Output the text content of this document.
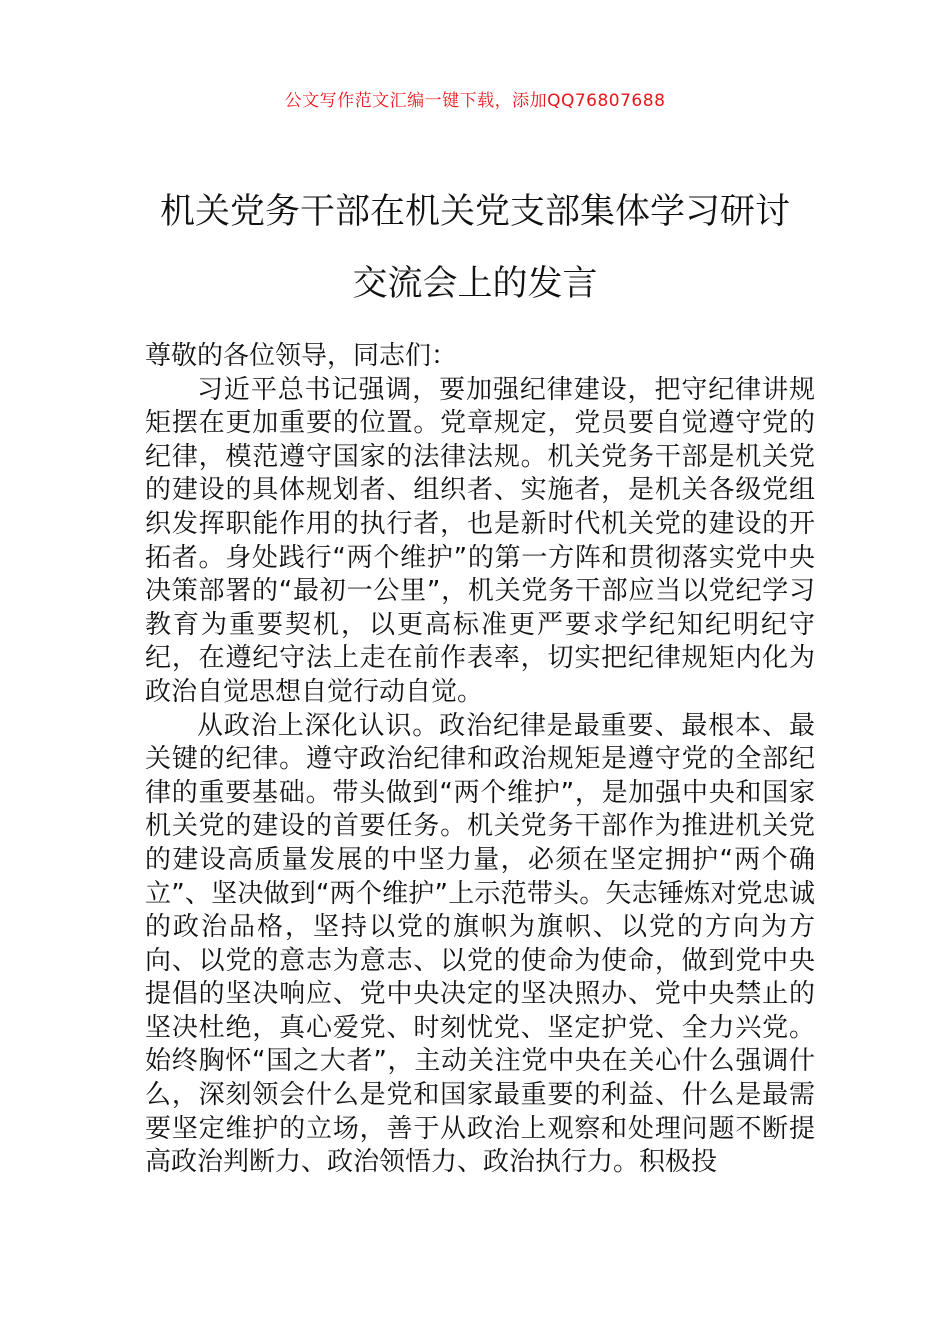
公文写作范文汇编一键下载，添加QQ76807688
机关党务干部在机关党支部集体学习研讨
交流会上的发言

尊敬的各位领导，同志们：

习近平总书记强调，要加强纪律建设，把守纪律讲规矩摆在更加重要的位置。党章规定，党员要自觉遵守党的纪律，模范遵守国家的法律法规。机关党务干部是机关党的建设的具体规划者、组织者、实施者，是机关各级党组织发挥职能作用的执行者，也是新时代机关党的建设的开拓者。身处践行“两个维护”的第一方阵和贯彻落实党中央决策部署的“最初一公里”，机关党务干部应当以党纪学习教育为重要契机，以更高标准更严要求学纪知纪明纪守纪，在遵纪守法上走在前作表率，切实把纪律规矩内化为政治自觉思想自觉行动自觉。

从政治上深化认识。政治纪律是最重要、最根本、最关键的纪律。遵守政治纪律和政治规矩是遵守党的全部纪律的重要基础。带头做到“两个维护”，是加强中央和国家机关党的建设的首要任务。机关党务干部作为推进机关党的建设高质量发展的中坚力量，必须在坚定拥护“两个确立”、坚决做到“两个维护”上示范带头。矢志锤炼对党忠诚的政治品格，坚持以党的旗帜为旗帜、以党的方向为方向、以党的意志为意志、以党的使命为使命，做到党中央提倡的坚决响应、党中央决定的坚决照办、党中央禁止的坚决杜绝，真心爱党、时刻忧党、坚定护党、全力兴党。始终胸怀“国之大者”，主动关注党中央在关心什么强调什么，深刻领会什么是党和国家最重要的利益、什么是最需要坚定维护的立场，善于从政治上观察和处理问题不断提高政治判断力、政治领悟力、政治执行力。积极投
